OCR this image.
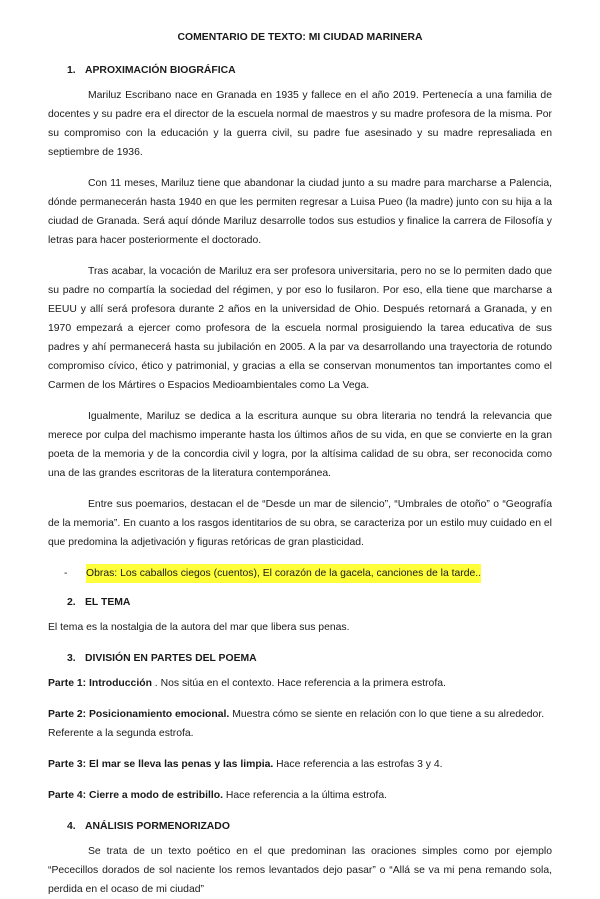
COMENTARIO DE TEXTO: MI CIUDAD MARINERA
1. APROXIMACIÓN BIOGRÁFICA

Mariluz Escribano nace en Granada en 1935 y fallece en el año 2019. Pertenecía a una familia de docentes y su padre era el director de la escuela normal de maestros y su madre profesora de la misma. Por su compromiso con la educación y la guerra civil, su padre fue asesinado y su madre represaliada en septiembre de 1936.

Con 11 meses, Mariluz tiene que abandonar la ciudad junto a su madre para marcharse a Palencia, dónde permanecerán hasta 1940 en que les permiten regresar a Luisa Pueo (la madre) junto con su hija a la ciudad de Granada. Será aquí dónde Mariluz desarrolle todos sus estudios y finalice la carrera de Filosofía y letras para hacer posteriormente el doctorado.

Tras acabar, la vocación de Mariluz era ser profesora universitaria, pero no se lo permiten dado que su padre no compartía la sociedad del régimen, y por eso lo fusilaron. Por eso, ella tiene que marcharse a EEUU y allí será profesora durante 2 años en la universidad de Ohio. Después retornará a Granada, y en 1970 empezará a ejercer como profesora de la escuela normal prosiguiendo la tarea educativa de sus padres y ahí permanecerá hasta su jubilación en 2005. A la par va desarrollando una trayectoria de rotundo compromiso cívico, ético y patrimonial, y gracias a ella se conservan monumentos tan importantes como el Carmen de los Mártires o Espacios Medioambientales como La Vega.

Igualmente, Mariluz se dedica a la escritura aunque su obra literaria no tendrá la relevancia que merece por culpa del machismo imperante hasta los últimos años de su vida, en que se convierte en la gran poeta de la memoria y de la concordia civil y logra, por la altísima calidad de su obra, ser reconocida como una de las grandes escritoras de la literatura contemporánea.

Entre sus poemarios, destacan el de “Desde un mar de silencio”, “Umbrales de otoño” o “Geografía de la memoria”. En cuanto a los rasgos identitarios de su obra, se caracteriza por un estilo muy cuidado en el que predomina la adjetivación y figuras retóricas de gran plasticidad.

-	Obras: Los caballos ciegos (cuentos), El corazón de la gacela, canciones de la tarde..
2. EL TEMA

El tema es la nostalgia de la autora del mar que libera sus penas.

3. DIVISIÓN EN PARTES DEL POEMA
Parte 1: Introducción . Nos sitúa en el contexto. Hace referencia a la primera estrofa.
Parte 2: Posicionamiento emocional. Muestra cómo se siente en relación con lo que tiene a su alrededor. Referente a la segunda estrofa.
Parte 3: El mar se lleva las penas y las limpia. Hace referencia a las estrofas 3 y 4.
Parte 4: Cierre a modo de estribillo. Hace referencia a la última estrofa.
4. ANÁLISIS PORMENORIZADO

Se trata de un texto poético en el que predominan las oraciones simples como por ejemplo “Pececillos dorados de sol naciente los remos levantados dejo pasar” o “Allá se va mi pena remando sola, perdida en el ocaso de mi ciudad”
